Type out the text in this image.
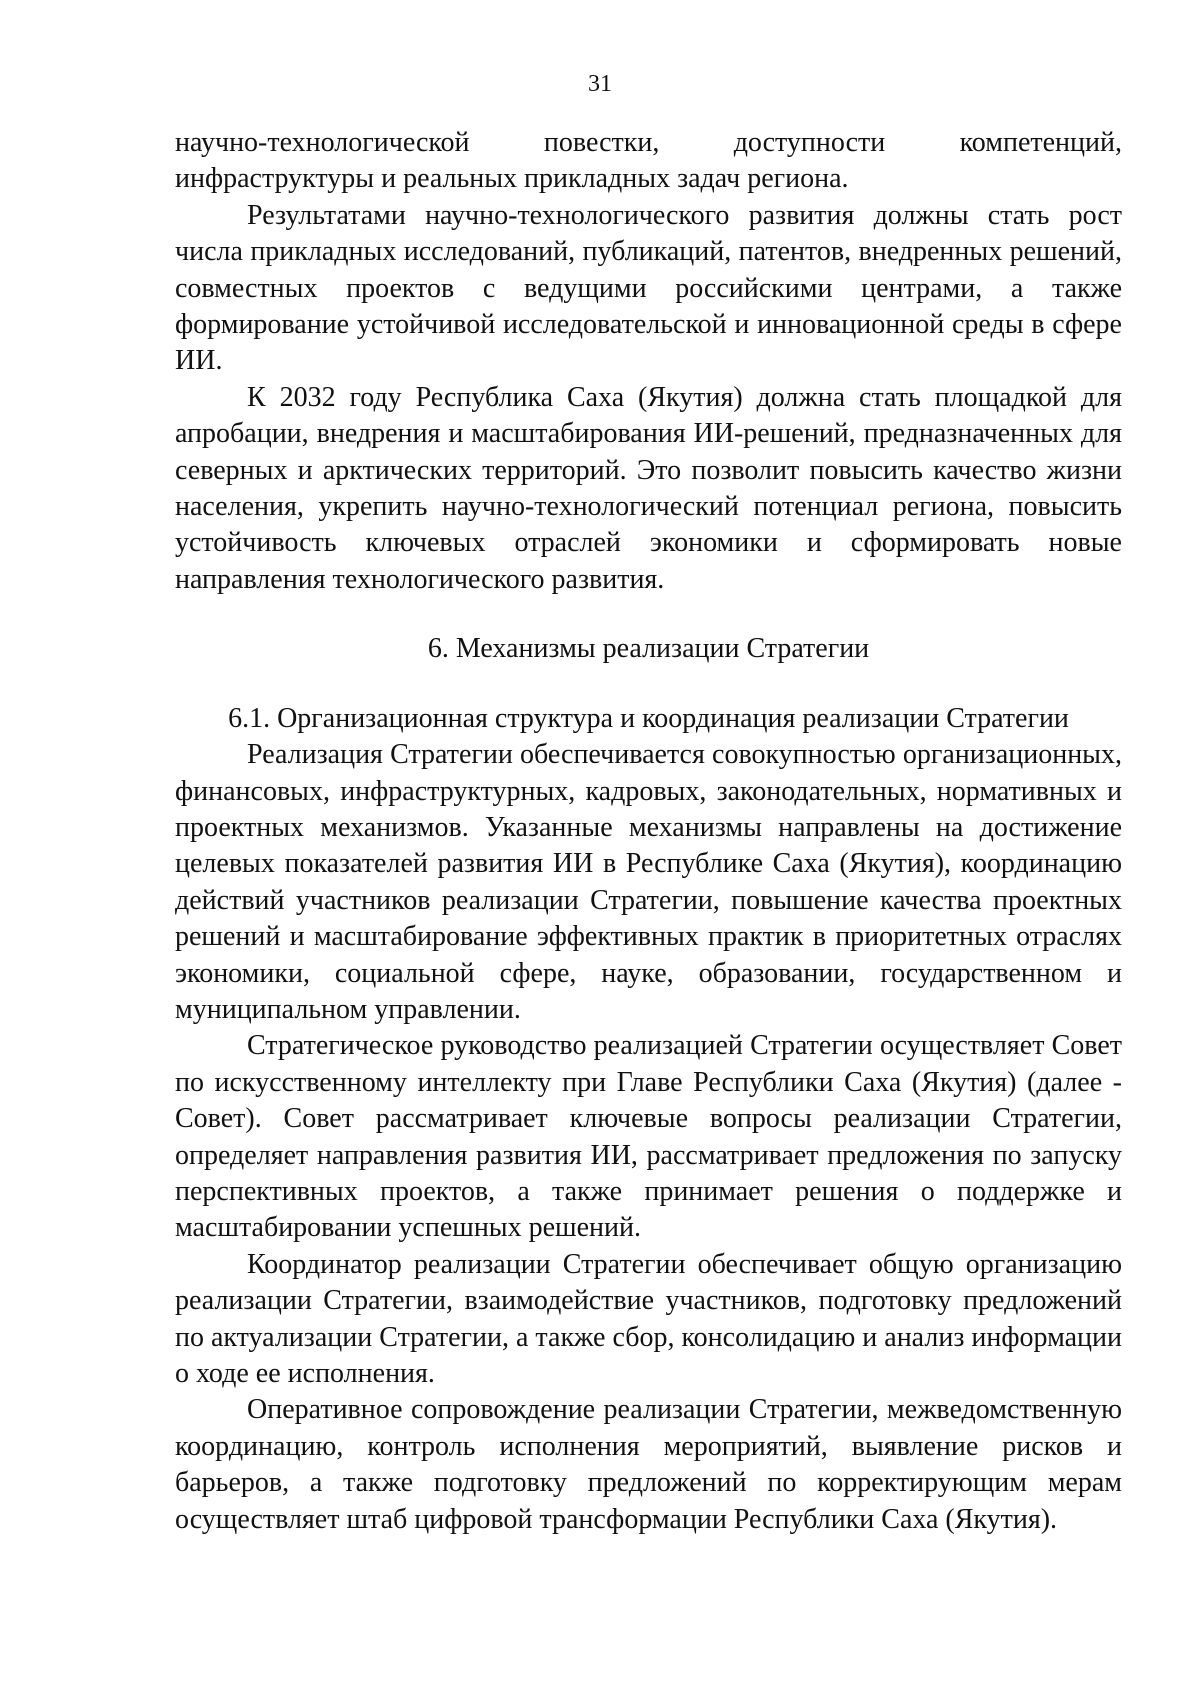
31

научно-технологической повестки, доступности компетенций, инфраструктуры и реальных прикладных задач региона.

Результатами научно-технологического развития должны стать рост числа прикладных исследований, публикаций, патентов, внедренных решений, совместных проектов с ведущими российскими центрами, а также формирование устойчивой исследовательской и инновационной среды в сфере ИИ.

К 2032 году Республика Саха (Якутия) должна стать площадкой для апробации, внедрения и масштабирования ИИ-решений, предназначенных для северных и арктических территорий. Это позволит повысить качество жизни населения, укрепить научно-технологический потенциал региона, повысить устойчивость ключевых отраслей экономики и сформировать новые направления технологического развития.

6. Механизмы реализации Стратегии
6.1. Организационная структура и координация реализации Стратегии

Реализация Стратегии обеспечивается совокупностью организационных, финансовых, инфраструктурных, кадровых, законодательных, нормативных и проектных механизмов. Указанные механизмы направлены на достижение целевых показателей развития ИИ в Республике Саха (Якутия), координацию действий участников реализации Стратегии, повышение качества проектных решений и масштабирование эффективных практик в приоритетных отраслях экономики, социальной сфере, науке, образовании, государственном и муниципальном управлении.

Стратегическое руководство реализацией Стратегии осуществляет Совет по искусственному интеллекту при Главе Республики Саха (Якутия) (далее - Совет). Совет рассматривает ключевые вопросы реализации Стратегии, определяет направления развития ИИ, рассматривает предложения по запуску перспективных проектов, а также принимает решения о поддержке и масштабировании успешных решений.

Координатор реализации Стратегии обеспечивает общую организацию реализации Стратегии, взаимодействие участников, подготовку предложений по актуализации Стратегии, а также сбор, консолидацию и анализ информации о ходе ее исполнения.

Оперативное сопровождение реализации Стратегии, межведомственную координацию, контроль исполнения мероприятий, выявление рисков и барьеров, а также подготовку предложений по корректирующим мерам осуществляет штаб цифровой трансформации Республики Саха (Якутия).
